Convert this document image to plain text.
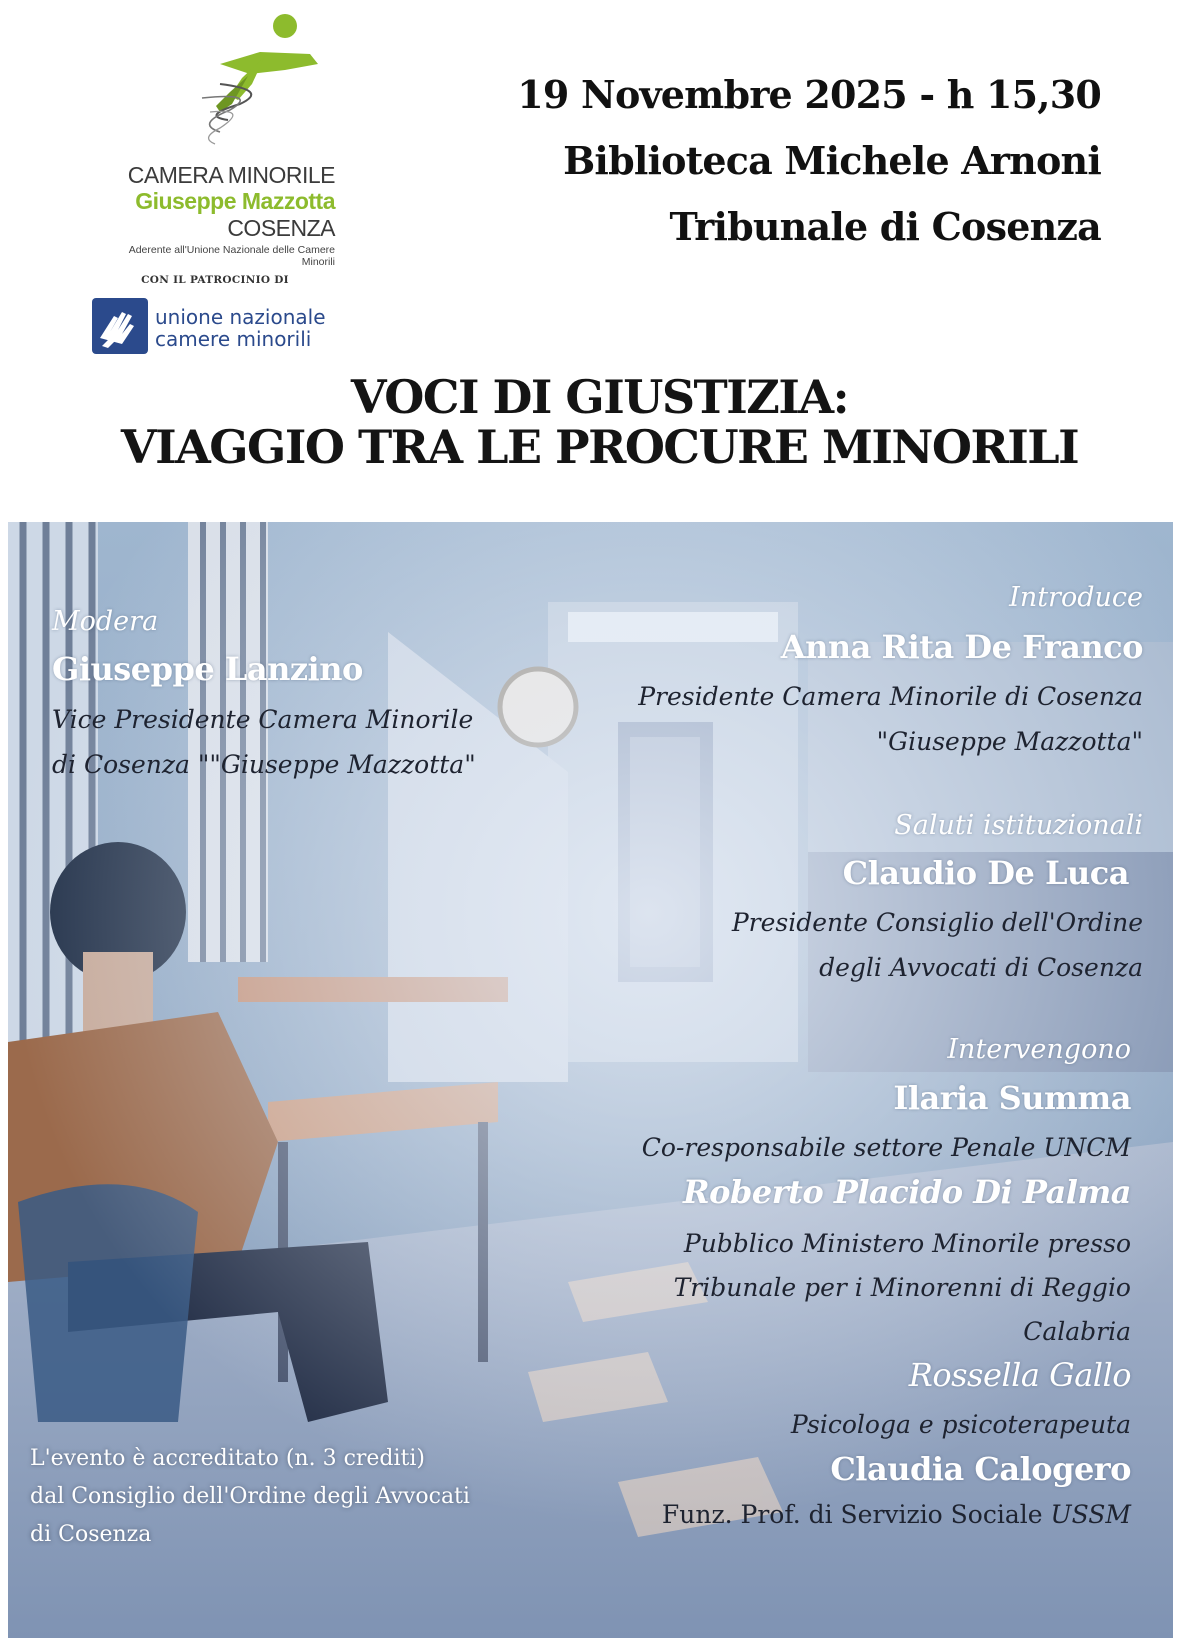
CAMERA MINORILE
Giuseppe Mazzotta
COSENZA
Aderente all'Unione Nazionale delle Camere Minorili
CON IL PATROCINIO DI
unione nazionale
camere minorili
19 Novembre 2025 - h 15,30
Biblioteca Michele Arnoni
Tribunale di Cosenza
VOCI DI GIUSTIZIA:
VIAGGIO TRA LE PROCURE MINORILI
Modera
Giuseppe Lanzino
Vice Presidente Camera Minorile
di Cosenza ""Giuseppe Mazzotta"
Introduce
Anna Rita De Franco
Presidente Camera Minorile di Cosenza
"Giuseppe Mazzotta"
Saluti istituzionali
Claudio De Luca
Presidente Consiglio dell'Ordine
degli Avvocati di Cosenza
Intervengono
Ilaria Summa
Co-responsabile settore Penale UNCM
Roberto Placido Di Palma
Pubblico Ministero Minorile presso
Tribunale per i Minorenni di Reggio
Calabria
Rossella Gallo
Psicologa e psicoterapeuta
Claudia Calogero
Funz. Prof. di Servizio Sociale USSM
L'evento è accreditato (n. 3 crediti)
dal Consiglio dell'Ordine degli Avvocati
di Cosenza
